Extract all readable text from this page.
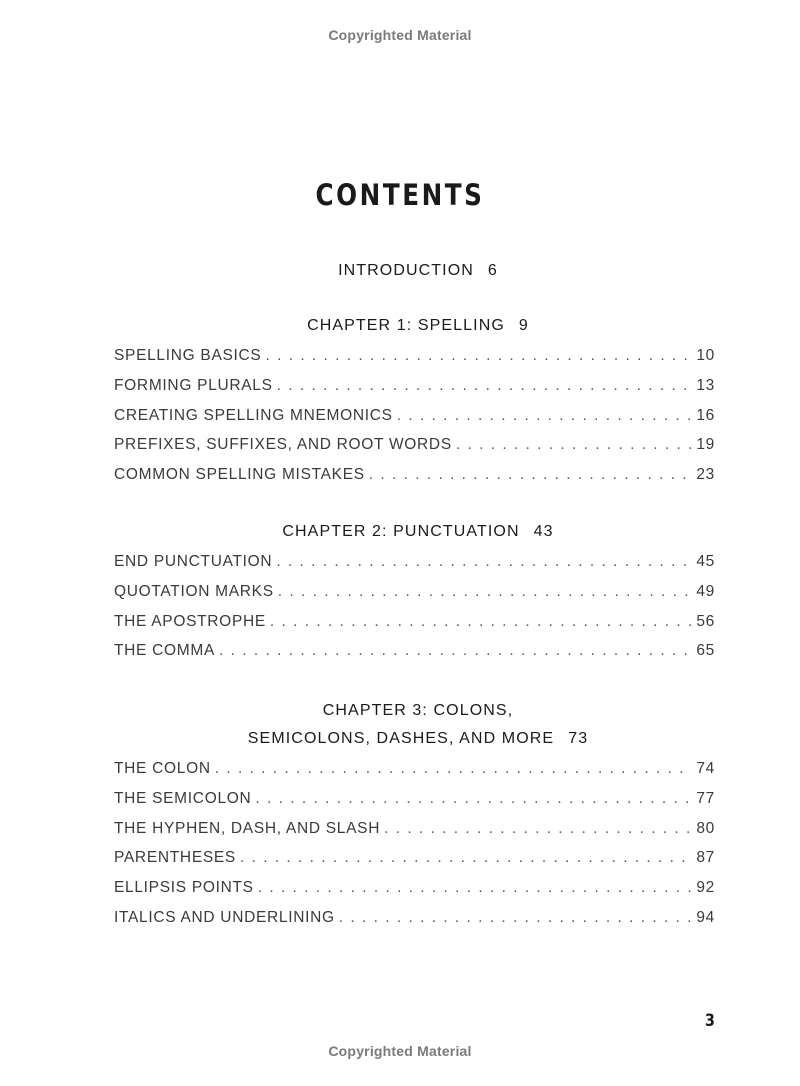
Copyrighted Material
CONTENTS
INTRODUCTION 6
CHAPTER 1: SPELLING 9
SPELLING BASICS . . .	10
FORMING PLURALS . . .	13
CREATING SPELLING MNEMONICS . . .	16
PREFIXES, SUFFIXES, AND ROOT WORDS . . .	19
COMMON SPELLING MISTAKES . . .	23
CHAPTER 2: PUNCTUATION 43
END PUNCTUATION . . .	45
QUOTATION MARKS . . .	49
THE APOSTROPHE . . .	56
THE COMMA . . .	65
CHAPTER 3: COLONS,
SEMICOLONS, DASHES, AND MORE 73
THE COLON . . .	74
THE SEMICOLON . . .	77
THE HYPHEN, DASH, AND SLASH . . .	80
PARENTHESES . . .	87
ELLIPSIS POINTS . . .	92
ITALICS AND UNDERLINING . . .	94
3
Copyrighted Material
